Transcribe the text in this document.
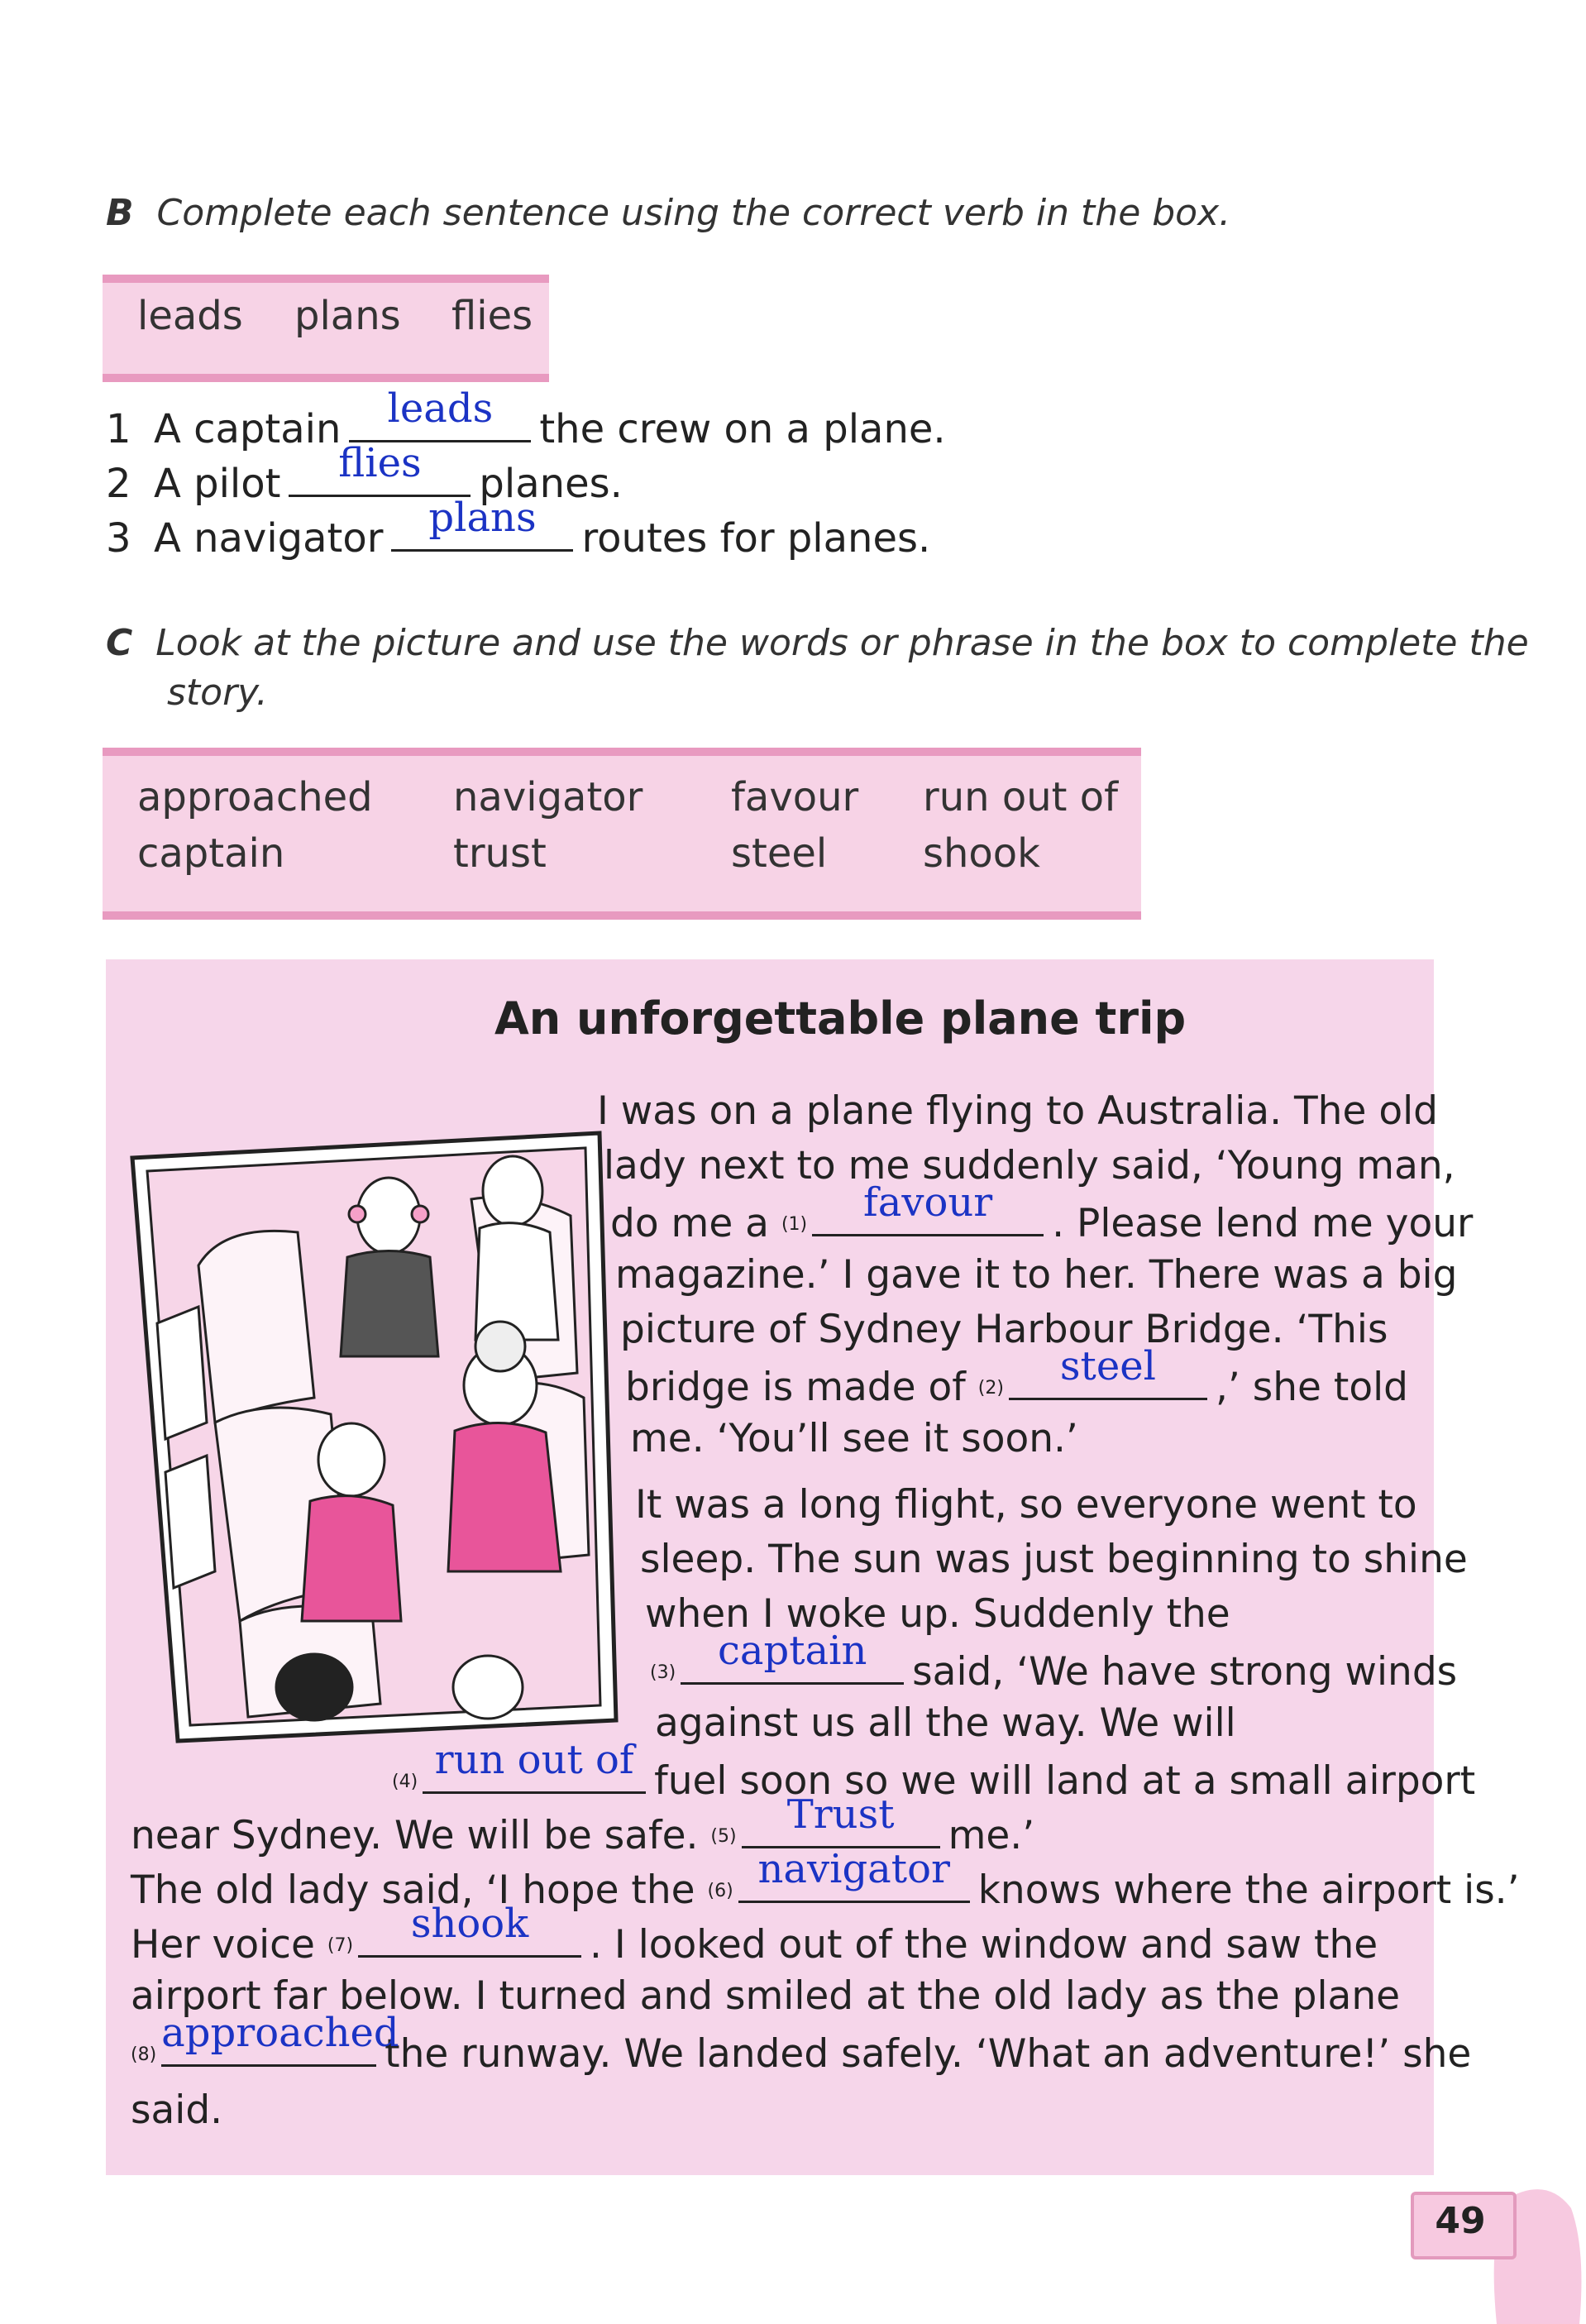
B Complete each sentence using the correct verb in the box.
leads plans flies
1 A captain	leads	the crew on a plane.
2 A pilot	flies	planes.
3 A navigator	plans	routes for planes.
C Look at the picture and use the words or phrase in the box to complete the
story.
approached navigator favour run out of
captain	trust	steel shook
An unforgettable plane trip
I was on a plane flying to Australia. The old
lady next to me suddenly said, ‘Young man,
do me a $^{(1)}$	favour	. Please lend me your
magazine.’ I gave it to her. There was a big
picture of Sydney Harbour Bridge. ‘This
bridge is made of $^{(2)}$	steel	,’ she told
me. ‘You’ll see it soon.’
It was a long flight, so everyone went to
sleep. The sun was just beginning to shine
when I woke up. Suddenly the
$^{(3)}$	captain	said, ‘We have strong winds
against us all the way. We will
$^{(4)}$ run out of fuel soon so we will land at a small airport
near Sydney. We will be safe. $^{(5)}$	Trust	me.’
The old lady said, ‘I hope the $^{(6)}$ navigator knows where the airport is.’
Her voice $^{(7)}$	shook	. I looked out of the window and saw the
airport far below. I turned and smiled at the old lady as the plane
$^{(8)}$ approached
the runway. We landed safely. ‘What an adventure!’ she
said.
49
